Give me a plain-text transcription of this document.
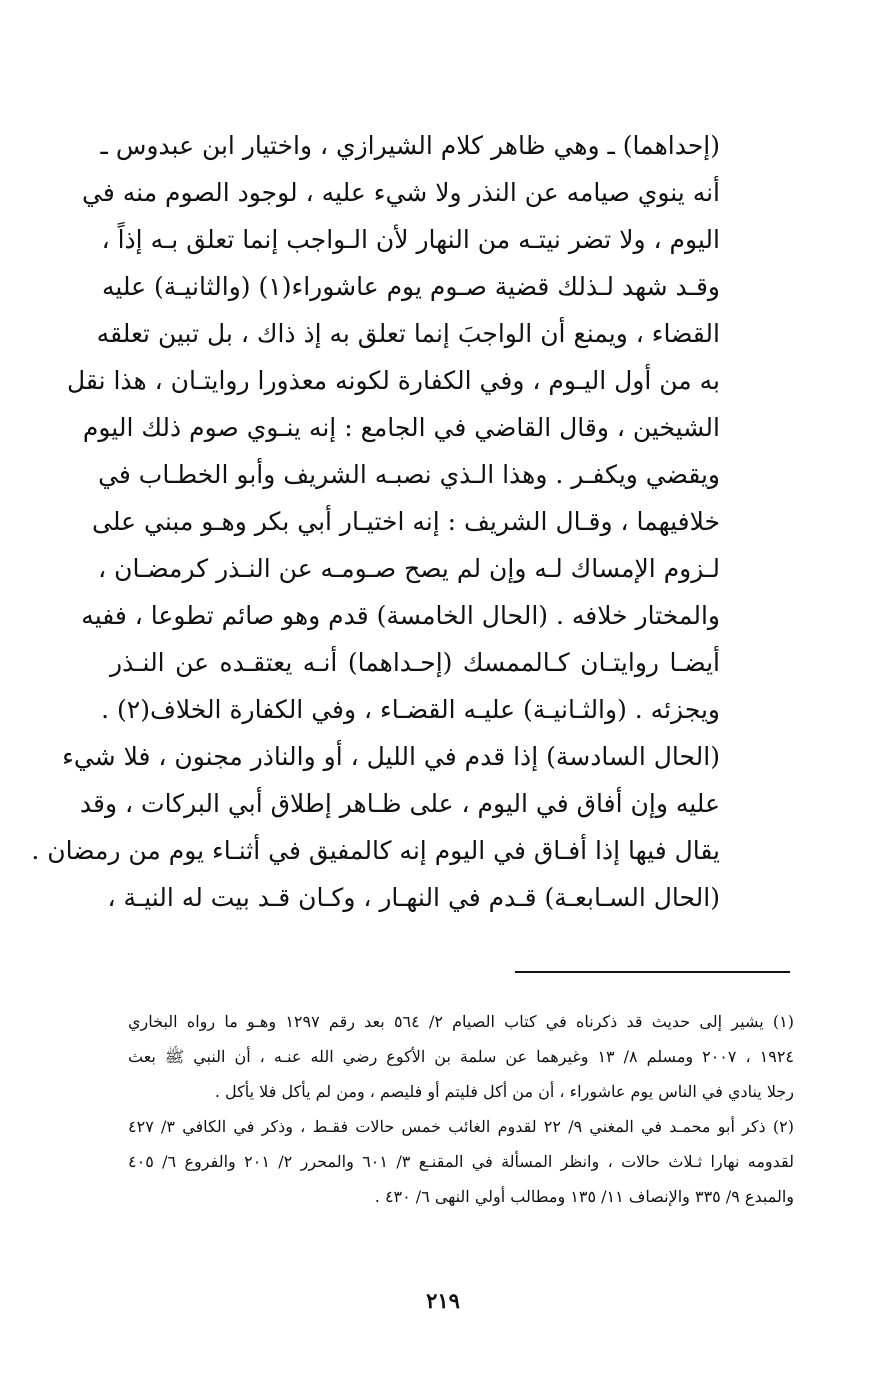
(إحداهما) ـ وهي ظاهر كلام الشيرازي ، واختيار ابن عبدوس ـ
أنه ينوي صيامه عن النذر ولا شيء عليه ، لوجود الصوم منه في
اليوم ، ولا تضر نيتـه من النهار لأن الـواجب إنما تعلق بـه إذاً ،
وقـد شهد لـذلك قضية صـوم يوم عاشوراء(١) (والثانيـة) عليه
القضاء ، ويمنع أن الواجبَ إنما تعلق به إذ ذاك ، بل تبين تعلقه
به من أول اليـوم ، وفي الكفارة لكونه معذورا روايتـان ، هذا نقل
الشيخين ، وقال القاضي في الجامع : إنه ينـوي صوم ذلك اليوم
ويقضي ويكفـر . وهذا الـذي نصبـه الشريف وأبو الخطـاب في
خلافيهما ، وقـال الشريف : إنه اختيـار أبي بكر وهـو مبني على
لـزوم الإمساك لـه وإن لم يصح صـومـه عن النـذر كرمضـان ،
والمختار خلافه . (الحال الخامسة) قدم وهو صائم تطوعا ، ففيه
أيضـا روايتـان كـالممسك (إحـداهما) أنـه يعتقـده عن النـذر
ويجزئه . (والثـانيـة) عليـه القضـاء ، وفي الكفارة الخلاف(٢) .
(الحال السادسة) إذا قدم في الليل ، أو والناذر مجنون ، فلا شيء
عليه وإن أفاق في اليوم ، على ظـاهر إطلاق أبي البركات ، وقد
يقال فيها إذا أفـاق في اليوم إنه كالمفيق في أثنـاء يوم من رمضان .
(الحال السـابعـة) قـدم في النهـار ، وكـان قـد بيت له النيـة ،
(١) يشير إلى حديث قد ذكرناه في كتاب الصيام ٢/ ٥٦٤ بعد رقم ١٢٩٧ وهـو ما رواه البخاري
١٩٢٤ ، ٢٠٠٧ ومسلم ٨/ ١٣ وغيرهما عن سلمة بن الأكوع رضي الله عنـه ، أن النبي ﷺ بعث
رجلا ينادي في الناس يوم عاشوراء ، أن من أكل فليتم أو فليصم ، ومن لم يأكل فلا يأكل .
(٢) ذكر أبو محمـد في المغني ٩/ ٢٢ لقدوم الغائب خمس حالات فقـط ، وذكر في الكافي ٣/ ٤٢٧
لقدومه نهارا ثـلاث حالات ، وانظر المسألة في المقنـع ٣/ ٦٠١ والمحرر ٢/ ٢٠١ والفروع ٦/ ٤٠٥
والمبدع ٩/ ٣٣٥ والإنصاف ١١/ ١٣٥ ومطالب أولي النهى ٦/ ٤٣٠ .
٢١٩
